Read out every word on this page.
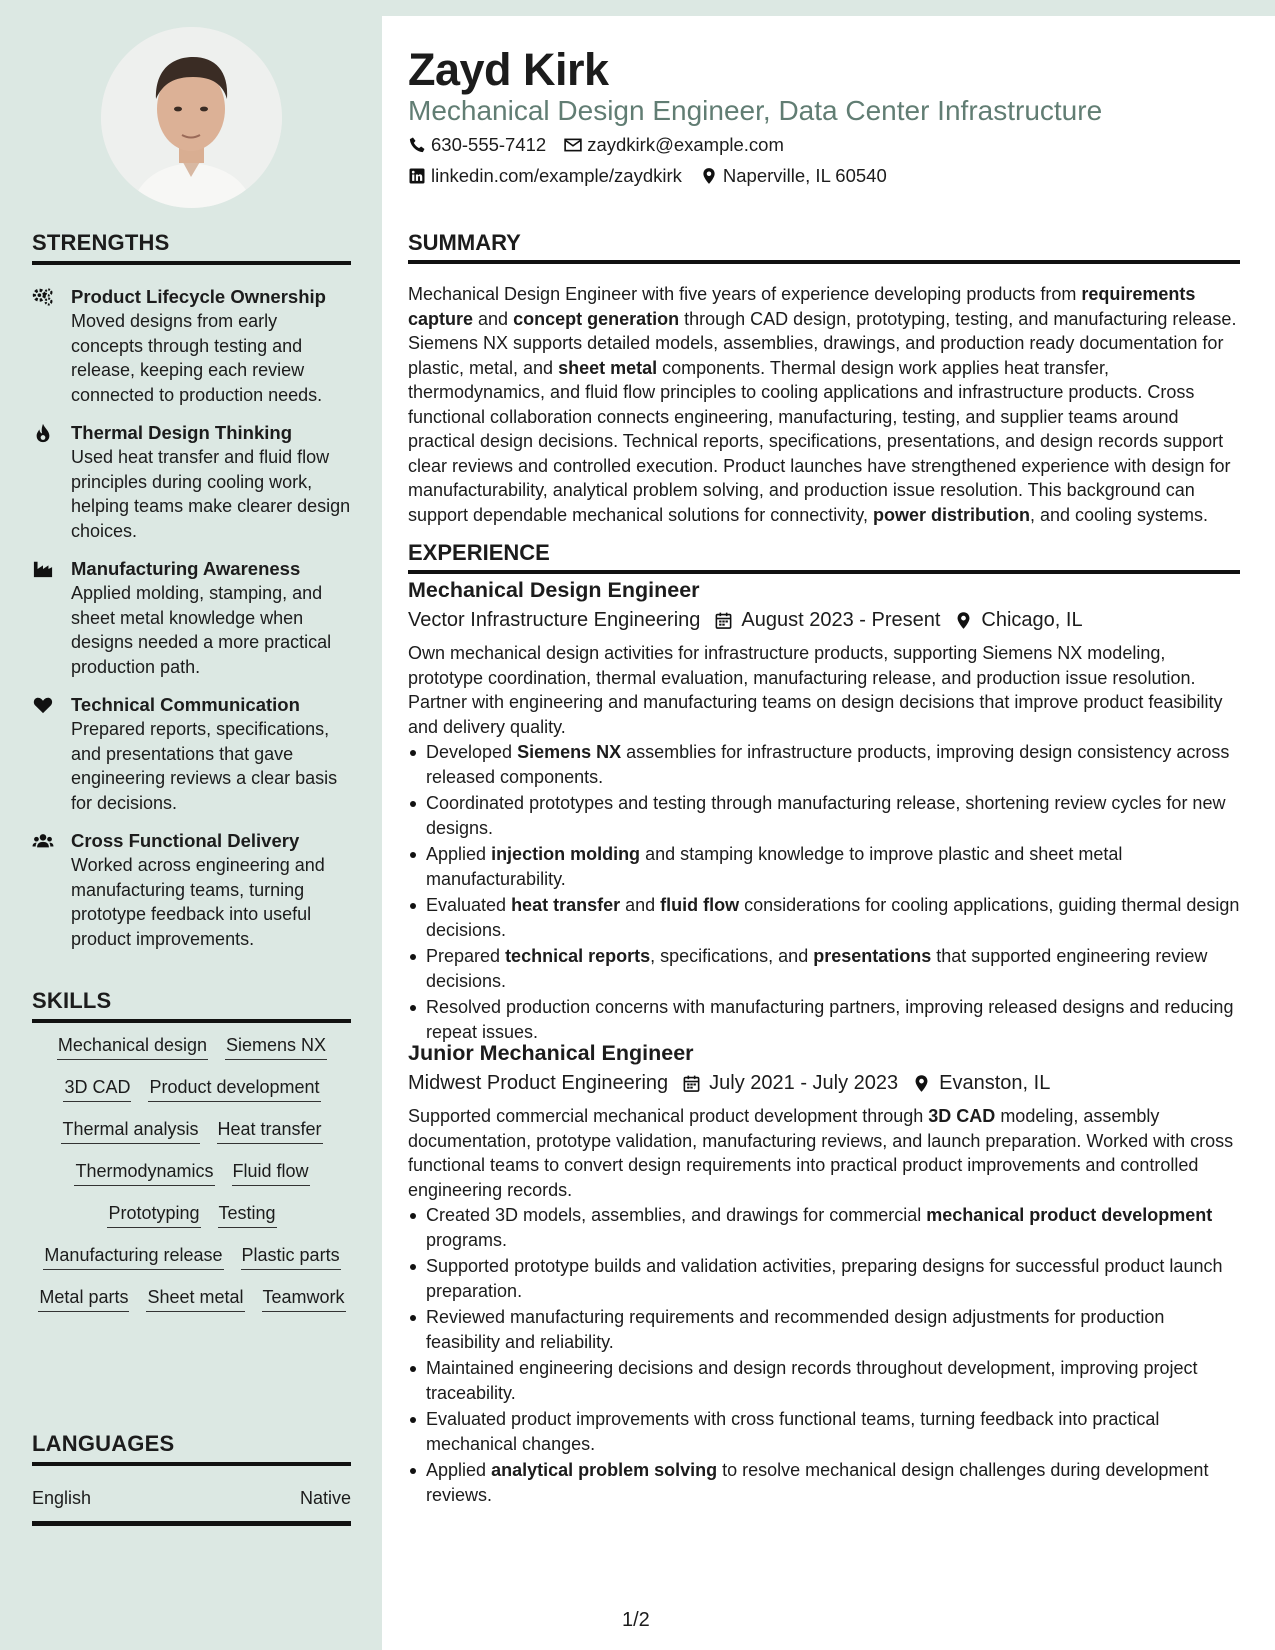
STRENGTHS
Product Lifecycle Ownership
Moved designs from early concepts through testing and release, keeping each review connected to production needs.
Thermal Design Thinking
Used heat transfer and fluid flow principles during cooling work, helping teams make clearer design choices.
Manufacturing Awareness
Applied molding, stamping, and sheet metal knowledge when designs needed a more practical production path.
Technical Communication
Prepared reports, specifications, and presentations that gave engineering reviews a clear basis for decisions.
Cross Functional Delivery
Worked across engineering and manufacturing teams, turning prototype feedback into useful product improvements.
SKILLS
Mechanical design Siemens NX
3D CAD Product development
Thermal analysis Heat transfer
Thermodynamics Fluid flow
Prototyping Testing
Manufacturing release Plastic parts
Metal parts Sheet metal Teamwork
LANGUAGES
English	Native
Zayd Kirk
Mechanical Design Engineer, Data Center Infrastructure
630-555-7412 zaydkirk@example.com
linkedin.com/example/zaydkirk Naperville, IL 60540
SUMMARY

Mechanical Design Engineer with five years of experience developing products from requirements capture and concept generation through CAD design, prototyping, testing, and manufacturing release. Siemens NX supports detailed models, assemblies, drawings, and production ready documentation for plastic, metal, and sheet metal components. Thermal design work applies heat transfer, thermodynamics, and fluid flow principles to cooling applications and infrastructure products. Cross functional collaboration connects engineering, manufacturing, testing, and supplier teams around practical design decisions. Technical reports, specifications, presentations, and design records support clear reviews and controlled execution. Product launches have strengthened experience with design for manufacturability, analytical problem solving, and production issue resolution. This background can support dependable mechanical solutions for connectivity, power distribution, and cooling systems.

EXPERIENCE
Mechanical Design Engineer
Vector Infrastructure Engineering August 2023 - Present Chicago, IL

Own mechanical design activities for infrastructure products, supporting Siemens NX modeling, prototype coordination, thermal evaluation, manufacturing release, and production issue resolution. Partner with engineering and manufacturing teams on design decisions that improve product feasibility and delivery quality.

Developed Siemens NX assemblies for infrastructure products, improving design consistency across released components.
Coordinated prototypes and testing through manufacturing release, shortening review cycles for new designs.
Applied injection molding and stamping knowledge to improve plastic and sheet metal manufacturability.
Evaluated heat transfer and fluid flow considerations for cooling applications, guiding thermal design decisions.
Prepared technical reports, specifications, and presentations that supported engineering review decisions.
Resolved production concerns with manufacturing partners, improving released designs and reducing repeat issues.
Junior Mechanical Engineer
Midwest Product Engineering July 2021 - July 2023 Evanston, IL

Supported commercial mechanical product development through 3D CAD modeling, assembly documentation, prototype validation, manufacturing reviews, and launch preparation. Worked with cross functional teams to convert design requirements into practical product improvements and controlled engineering records.

Created 3D models, assemblies, and drawings for commercial mechanical product development programs.
Supported prototype builds and validation activities, preparing designs for successful product launch preparation.
Reviewed manufacturing requirements and recommended design adjustments for production feasibility and reliability.
Maintained engineering decisions and design records throughout development, improving project traceability.
Evaluated product improvements with cross functional teams, turning feedback into practical mechanical changes.
Applied analytical problem solving to resolve mechanical design challenges during development reviews.
1/2
